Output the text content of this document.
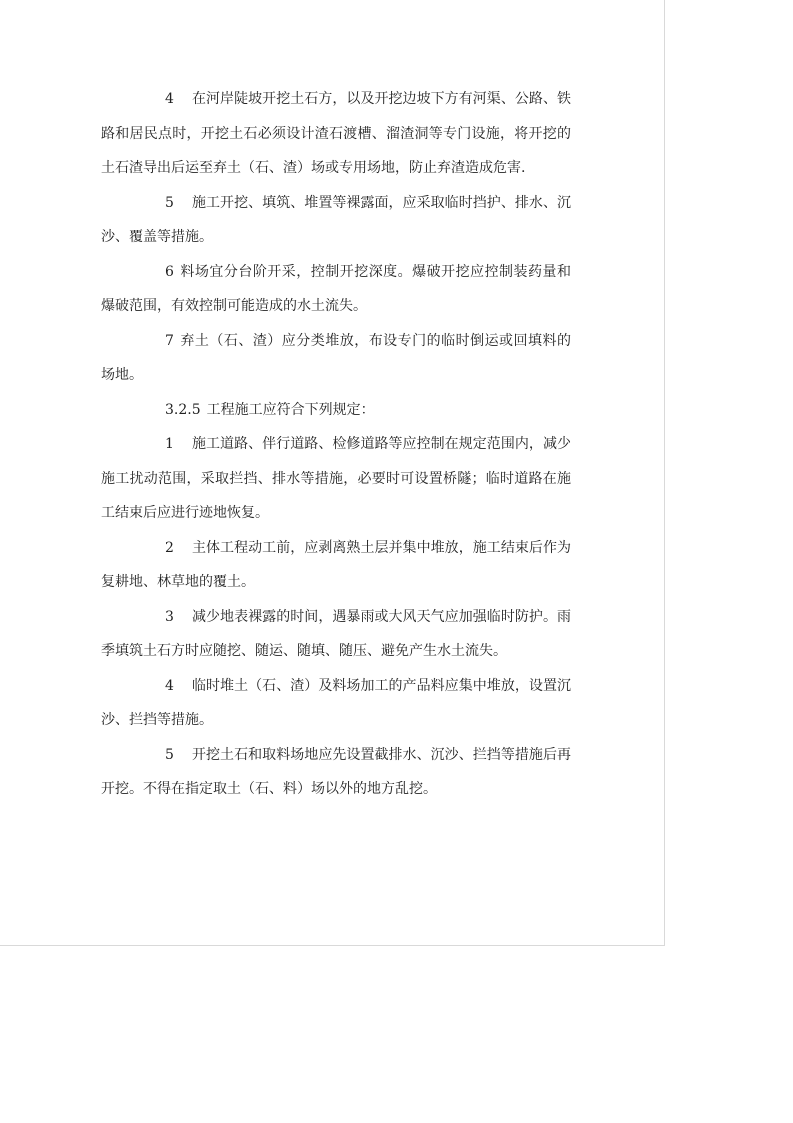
4 在河岸陡坡开挖土石方，以及开挖边坡下方有河渠、公路、铁路和居民点时，开挖土石必须设计渣石渡槽、溜渣洞等专门设施，将开挖的土石渣导出后运至弃土（石、渣）场或专用场地，防止弃渣造成危害.

5 施工开挖、填筑、堆置等裸露面，应采取临时挡护、排水、沉沙、覆盖等措施。

6 料场宜分台阶开采，控制开挖深度。爆破开挖应控制装药量和爆破范围，有效控制可能造成的水土流失。

7 弃土（石、渣）应分类堆放，布设专门的临时倒运或回填料的场地。

3.2.5 工程施工应符合下列规定：

1 施工道路、伴行道路、检修道路等应控制在规定范围内，减少施工扰动范围，采取拦挡、排水等措施，必要时可设置桥隧；临时道路在施工结束后应进行迹地恢复。

2 主体工程动工前，应剥离熟土层并集中堆放，施工结束后作为复耕地、林草地的覆土。

3 减少地表裸露的时间，遇暴雨或大风天气应加强临时防护。雨季填筑土石方时应随挖、随运、随填、随压、避免产生水土流失。

4 临时堆土（石、渣）及料场加工的产品料应集中堆放，设置沉沙、拦挡等措施。

5 开挖土石和取料场地应先设置截排水、沉沙、拦挡等措施后再开挖。不得在指定取土（石、料）场以外的地方乱挖。
